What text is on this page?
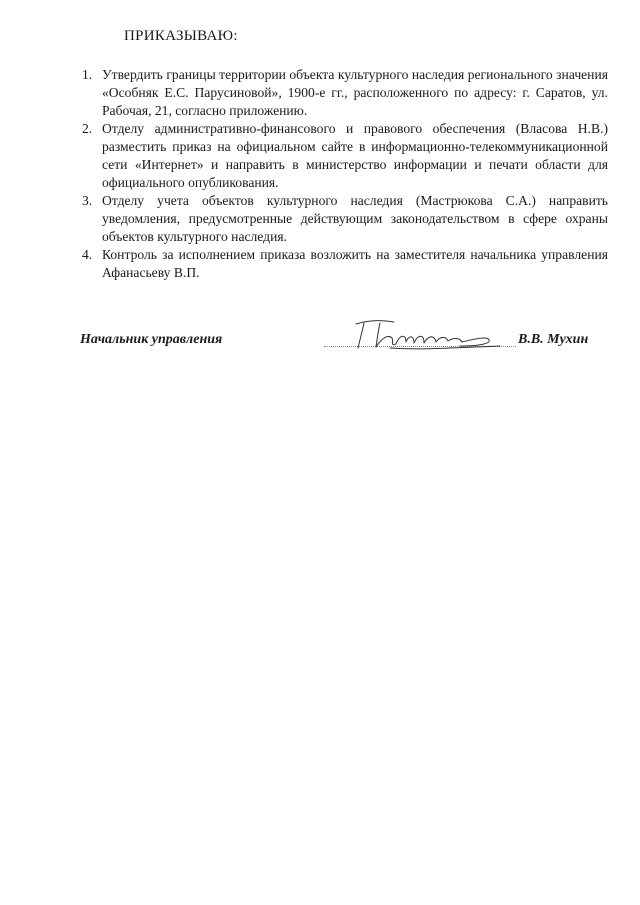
ПРИКАЗЫВАЮ:
1. Утвердить границы территории объекта культурного наследия регионального значения «Особняк Е.С. Парусиновой», 1900-е гг., расположенного по адресу: г. Саратов, ул. Рабочая, 21, согласно приложению.
2. Отделу административно-финансового и правового обеспечения (Власова Н.В.) разместить приказ на официальном сайте в информационно-телекоммуникационной сети «Интернет» и направить в министерство информации и печати области для официального опубликования.
3. Отделу учета объектов культурного наследия (Мастрюкова С.А.) направить уведомления, предусмотренные действующим законодательством в сфере охраны объектов культурного наследия.
4. Контроль за исполнением приказа возложить на заместителя начальника управления Афанасьеву В.П.
Начальник управления	В.В. Мухин
